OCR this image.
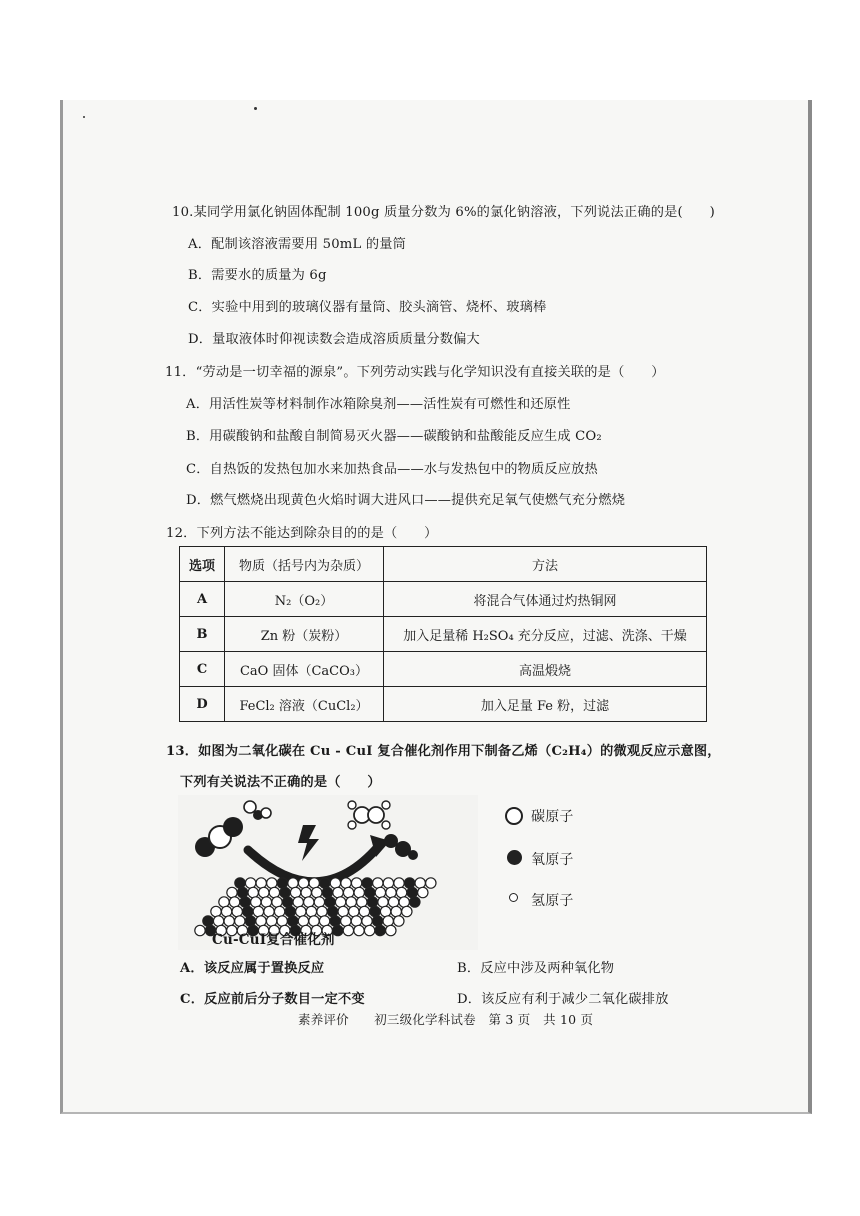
10.某同学用氯化钠固体配制 100g 质量分数为 6%的氯化钠溶液，下列说法正确的是(　　)
A．配制该溶液需要用 50mL 的量筒
B．需要水的质量为 6g
C．实验中用到的玻璃仪器有量筒、胶头滴管、烧杯、玻璃棒
D．量取液体时仰视读数会造成溶质质量分数偏大
11．“劳动是一切幸福的源泉”。下列劳动实践与化学知识没有直接关联的是（　　）
A．用活性炭等材料制作冰箱除臭剂——活性炭有可燃性和还原性
B．用碳酸钠和盐酸自制简易灭火器——碳酸钠和盐酸能反应生成 CO₂
C．自热饭的发热包加水来加热食品——水与发热包中的物质反应放热
D．燃气燃烧出现黄色火焰时调大进风口——提供充足氧气使燃气充分燃烧
12．下列方法不能达到除杂目的的是（　　）
选项	物质（括号内为杂质）	方法
A	N₂（O₂）	将混合气体通过灼热铜网
B	Zn 粉（炭粉）	加入足量稀 H₂SO₄ 充分反应，过滤、洗涤、干燥
C	CaO 固体（CaCO₃）	高温煅烧
D	FeCl₂ 溶液（CuCl₂）	加入足量 Fe 粉，过滤
13．如图为二氧化碳在 Cu - CuI 复合催化剂作用下制备乙烯（C₂H₄）的微观反应示意图，
下列有关说法不正确的是（　　）
Cu-CuI复合催化剂
碳原子
氧原子
氢原子
A．该反应属于置换反应	B．反应中涉及两种氧化物
C．反应前后分子数目一定不变	D．该反应有利于减少二氧化碳排放
素养评价　　初三级化学科试卷　第 3 页　共 10 页
